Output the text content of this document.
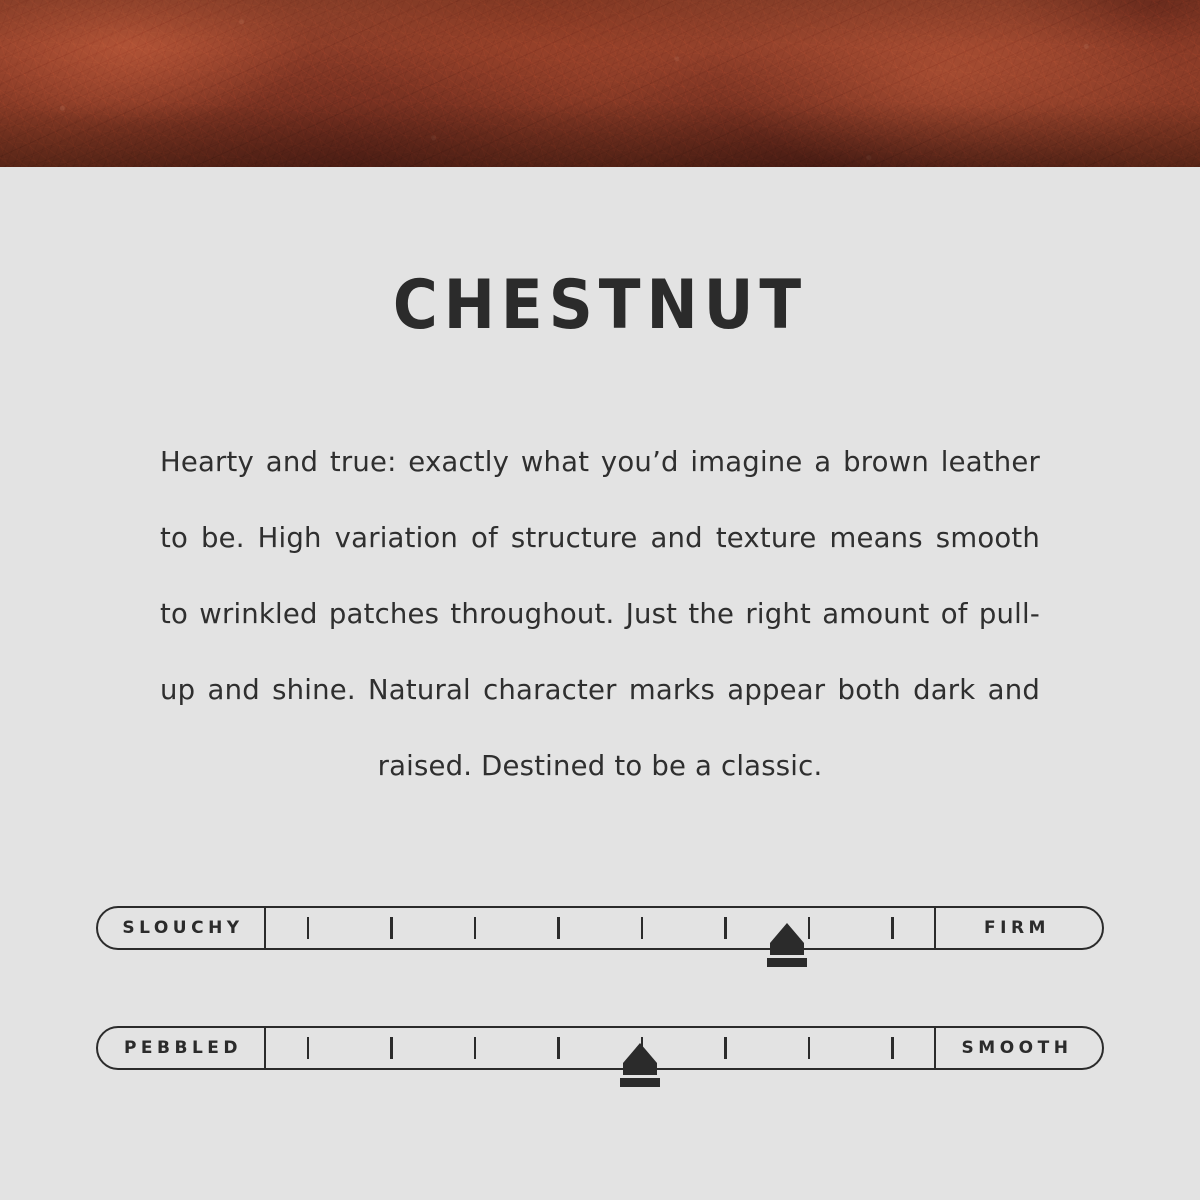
CHESTNUT
Hearty and true: exactly what you’d imagine a brown leather to be. High variation of structure and texture means smooth to wrinkled patches throughout. Just the right amount of pull-up and shine. Natural character marks appear both dark and raised. Destined to be a classic.
SLOUCHY	FIRM
PEBBLED	SMOOTH
